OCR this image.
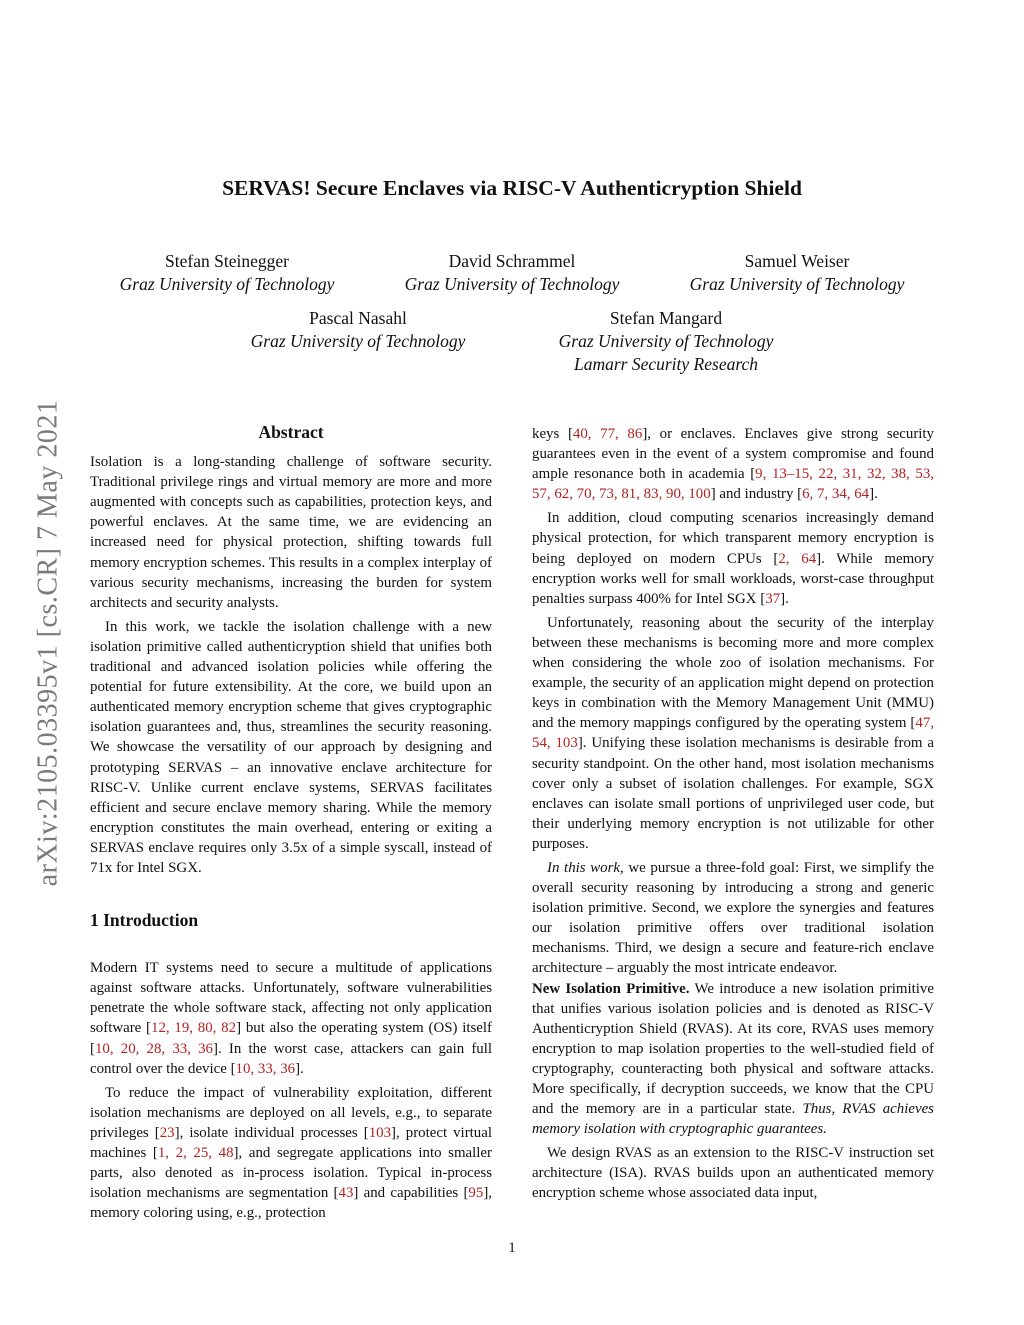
arXiv:2105.03395v1 [cs.CR] 7 May 2021
SERVAS! Secure Enclaves via RISC-V Authenticryption Shield
Stefan Steinegger
Graz University of Technology
David Schrammel
Graz University of Technology
Samuel Weiser
Graz University of Technology
Pascal Nasahl
Graz University of Technology
Stefan Mangard
Graz University of Technology
Lamarr Security Research
Abstract

Isolation is a long-standing challenge of software security. Traditional privilege rings and virtual memory are more and more augmented with concepts such as capabilities, protection keys, and powerful enclaves. At the same time, we are evidencing an increased need for physical protection, shifting towards full memory encryption schemes. This results in a complex interplay of various security mechanisms, increasing the burden for system architects and security analysts.

In this work, we tackle the isolation challenge with a new isolation primitive called authenticryption shield that unifies both traditional and advanced isolation policies while offering the potential for future extensibility. At the core, we build upon an authenticated memory encryption scheme that gives cryptographic isolation guarantees and, thus, streamlines the security reasoning. We showcase the versatility of our approach by designing and prototyping SERVAS – an innovative enclave architecture for RISC-V. Unlike current enclave systems, SERVAS facilitates efficient and secure enclave memory sharing. While the memory encryption constitutes the main overhead, entering or exiting a SERVAS enclave requires only 3.5x of a simple syscall, instead of 71x for Intel SGX.

1 Introduction

Modern IT systems need to secure a multitude of applications against software attacks. Unfortunately, software vulnerabilities penetrate the whole software stack, affecting not only application software [12, 19, 80, 82] but also the operating system (OS) itself [10, 20, 28, 33, 36]. In the worst case, attackers can gain full control over the device [10, 33, 36].

To reduce the impact of vulnerability exploitation, different isolation mechanisms are deployed on all levels, e.g., to separate privileges [23], isolate individual processes [103], protect virtual machines [1, 2, 25, 48], and segregate applications into smaller parts, also denoted as in-process isolation. Typical in-process isolation mechanisms are segmentation [43] and capabilities [95], memory coloring using, e.g., protection

keys [40, 77, 86], or enclaves. Enclaves give strong security guarantees even in the event of a system compromise and found ample resonance both in academia [9, 13–15, 22, 31, 32, 38, 53, 57, 62, 70, 73, 81, 83, 90, 100] and industry [6, 7, 34, 64].

In addition, cloud computing scenarios increasingly demand physical protection, for which transparent memory encryption is being deployed on modern CPUs [2, 64]. While memory encryption works well for small workloads, worst-case throughput penalties surpass 400% for Intel SGX [37].

Unfortunately, reasoning about the security of the interplay between these mechanisms is becoming more and more complex when considering the whole zoo of isolation mechanisms. For example, the security of an application might depend on protection keys in combination with the Memory Management Unit (MMU) and the memory mappings configured by the operating system [47, 54, 103]. Unifying these isolation mechanisms is desirable from a security standpoint. On the other hand, most isolation mechanisms cover only a subset of isolation challenges. For example, SGX enclaves can isolate small portions of unprivileged user code, but their underlying memory encryption is not utilizable for other purposes.

In this work, we pursue a three-fold goal: First, we simplify the overall security reasoning by introducing a strong and generic isolation primitive. Second, we explore the synergies and features our isolation primitive offers over traditional isolation mechanisms. Third, we design a secure and feature-rich enclave architecture – arguably the most intricate endeavor.

New Isolation Primitive. We introduce a new isolation primitive that unifies various isolation policies and is denoted as RISC-V Authenticryption Shield (RVAS). At its core, RVAS uses memory encryption to map isolation properties to the well-studied field of cryptography, counteracting both physical and software attacks. More specifically, if decryption succeeds, we know that the CPU and the memory are in a particular state. Thus, RVAS achieves memory isolation with cryptographic guarantees.

We design RVAS as an extension to the RISC-V instruction set architecture (ISA). RVAS builds upon an authenticated memory encryption scheme whose associated data input,

1
